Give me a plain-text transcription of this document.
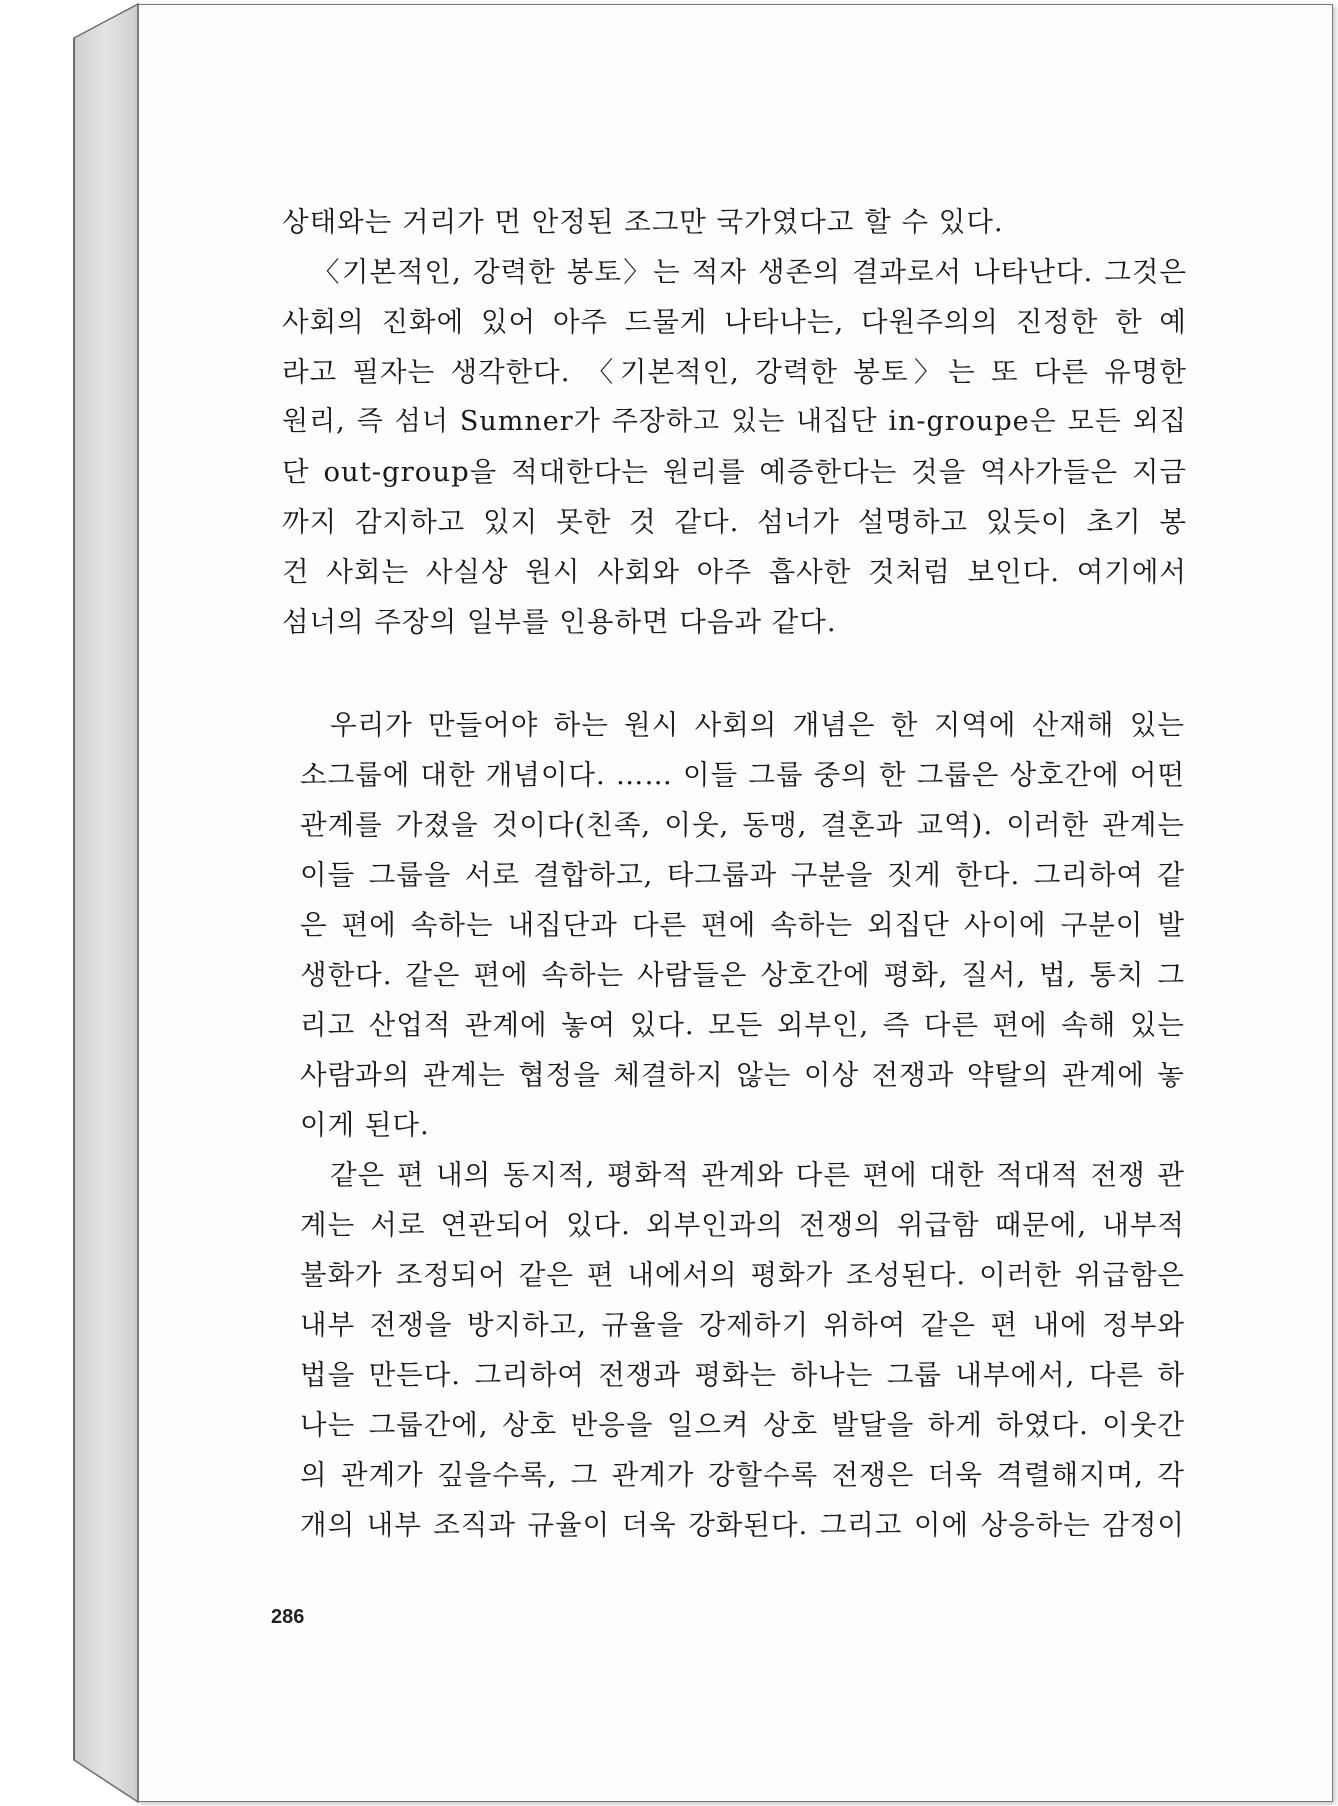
상태와는 거리가 먼 안정된 조그만 국가였다고 할 수 있다.
〈기본적인, 강력한 봉토〉는 적자 생존의 결과로서 나타난다. 그것은
사회의 진화에 있어 아주 드물게 나타나는, 다원주의의 진정한 한 예
라고 필자는 생각한다. 〈기본적인, 강력한 봉토〉는 또 다른 유명한
원리, 즉 섬너 Sumner가 주장하고 있는 내집단 in-groupe은 모든 외집
단 out-group을 적대한다는 원리를 예증한다는 것을 역사가들은 지금
까지 감지하고 있지 못한 것 같다. 섬너가 설명하고 있듯이 초기 봉
건 사회는 사실상 원시 사회와 아주 흡사한 것처럼 보인다. 여기에서
섬너의 주장의 일부를 인용하면 다음과 같다.
우리가 만들어야 하는 원시 사회의 개념은 한 지역에 산재해 있는
소그룹에 대한 개념이다. …… 이들 그룹 중의 한 그룹은 상호간에 어떤
관계를 가졌을 것이다(친족, 이웃, 동맹, 결혼과 교역). 이러한 관계는
이들 그룹을 서로 결합하고, 타그룹과 구분을 짓게 한다. 그리하여 같
은 편에 속하는 내집단과 다른 편에 속하는 외집단 사이에 구분이 발
생한다. 같은 편에 속하는 사람들은 상호간에 평화, 질서, 법, 통치 그
리고 산업적 관계에 놓여 있다. 모든 외부인, 즉 다른 편에 속해 있는
사람과의 관계는 협정을 체결하지 않는 이상 전쟁과 약탈의 관계에 놓
이게 된다.
같은 편 내의 동지적, 평화적 관계와 다른 편에 대한 적대적 전쟁 관
계는 서로 연관되어 있다. 외부인과의 전쟁의 위급함 때문에, 내부적
불화가 조정되어 같은 편 내에서의 평화가 조성된다. 이러한 위급함은
내부 전쟁을 방지하고, 규율을 강제하기 위하여 같은 편 내에 정부와
법을 만든다. 그리하여 전쟁과 평화는 하나는 그룹 내부에서, 다른 하
나는 그룹간에, 상호 반응을 일으켜 상호 발달을 하게 하였다. 이웃간
의 관계가 깊을수록, 그 관계가 강할수록 전쟁은 더욱 격렬해지며, 각
개의 내부 조직과 규율이 더욱 강화된다. 그리고 이에 상응하는 감정이
286
